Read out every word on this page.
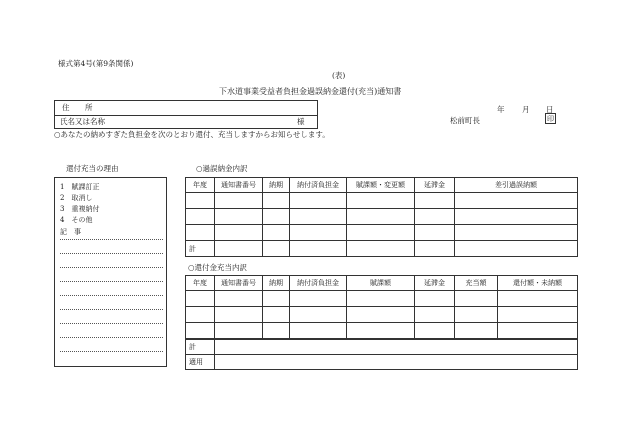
様式第4号(第9条関係)
(表)
下水道事業受益者負担金過誤納金還付(充当)通知書
住 所
氏名又は名称	様
年 月 日
松前町長	印
○あなたの納めすぎた負担金を次のとおり還付、充当しますからお知らせします。
還付充当の理由
1　賦課訂正
2　取消し
3　重複納付
4　その他
記　事
○過誤納金内訳
年度	通知書番号	納期	納付済負担金	賦課額・変更額	延滞金	差引過誤納額

計						
○還付金充当内訳
年度	通知書番号	納期	納付済負担金	賦課額	延滞金	充当額	還付額・未納額

計	
適用	
